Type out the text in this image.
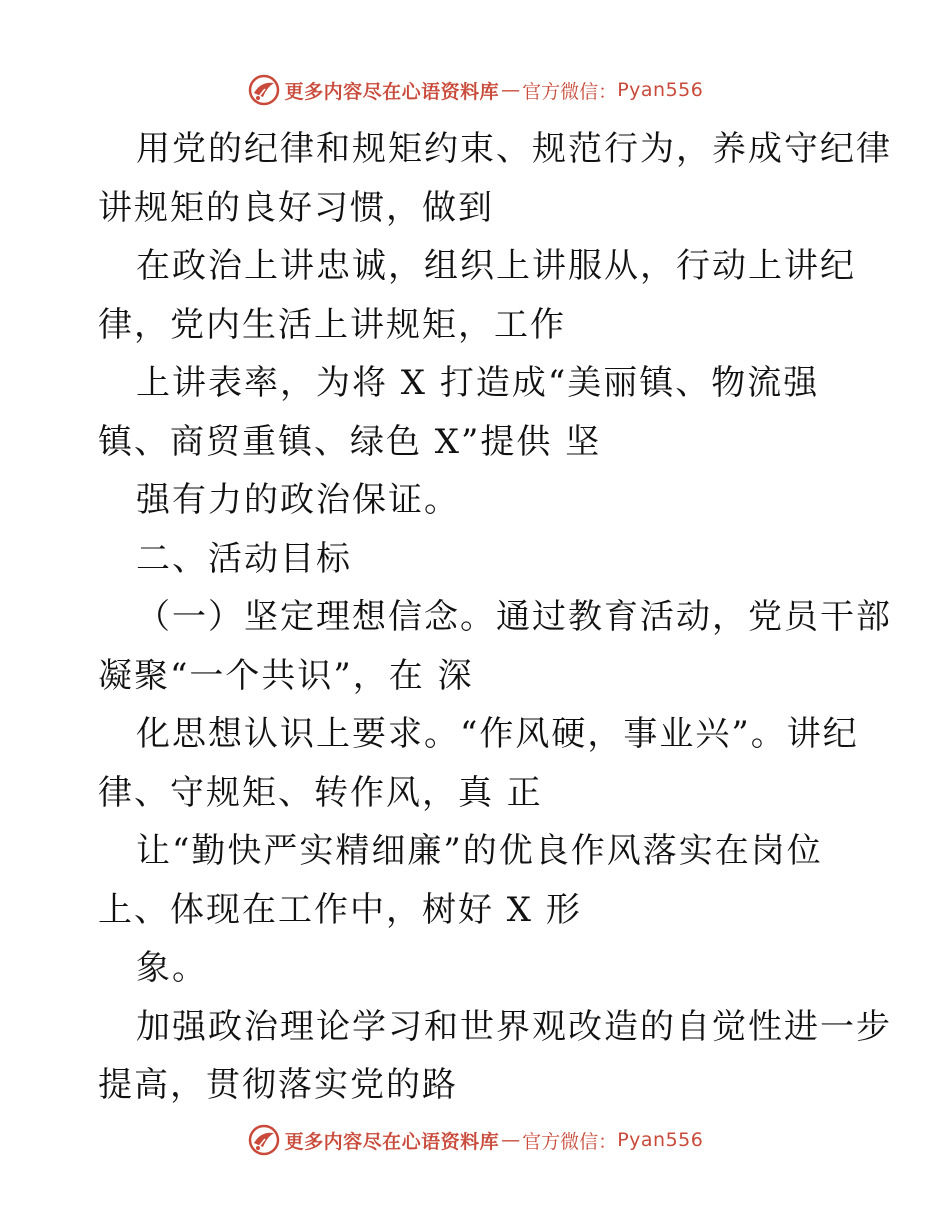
更多内容尽在心语资料库 — 官方微信： Pyan556
用党的纪律和规矩约束、规范行为，养成守纪律
讲规矩的良好习惯，做到
在政治上讲忠诚，组织上讲服从，行动上讲纪
律，党内生活上讲规矩，工作
上讲表率，为将 X 打造成“美丽镇、物流强
镇、商贸重镇、绿色 X”提供 坚
强有力的政治保证。
二、活动目标
（一）坚定理想信念。通过教育活动，党员干部
凝聚“一个共识”，在 深
化思想认识上要求。“作风硬，事业兴”。讲纪
律、守规矩、转作风，真 正
让“勤快严实精细廉”的优良作风落实在岗位
上、体现在工作中，树好 X 形
象。
加强政治理论学习和世界观改造的自觉性进一步
提高，贯彻落实党的路
更多内容尽在心语资料库 — 官方微信： Pyan556
